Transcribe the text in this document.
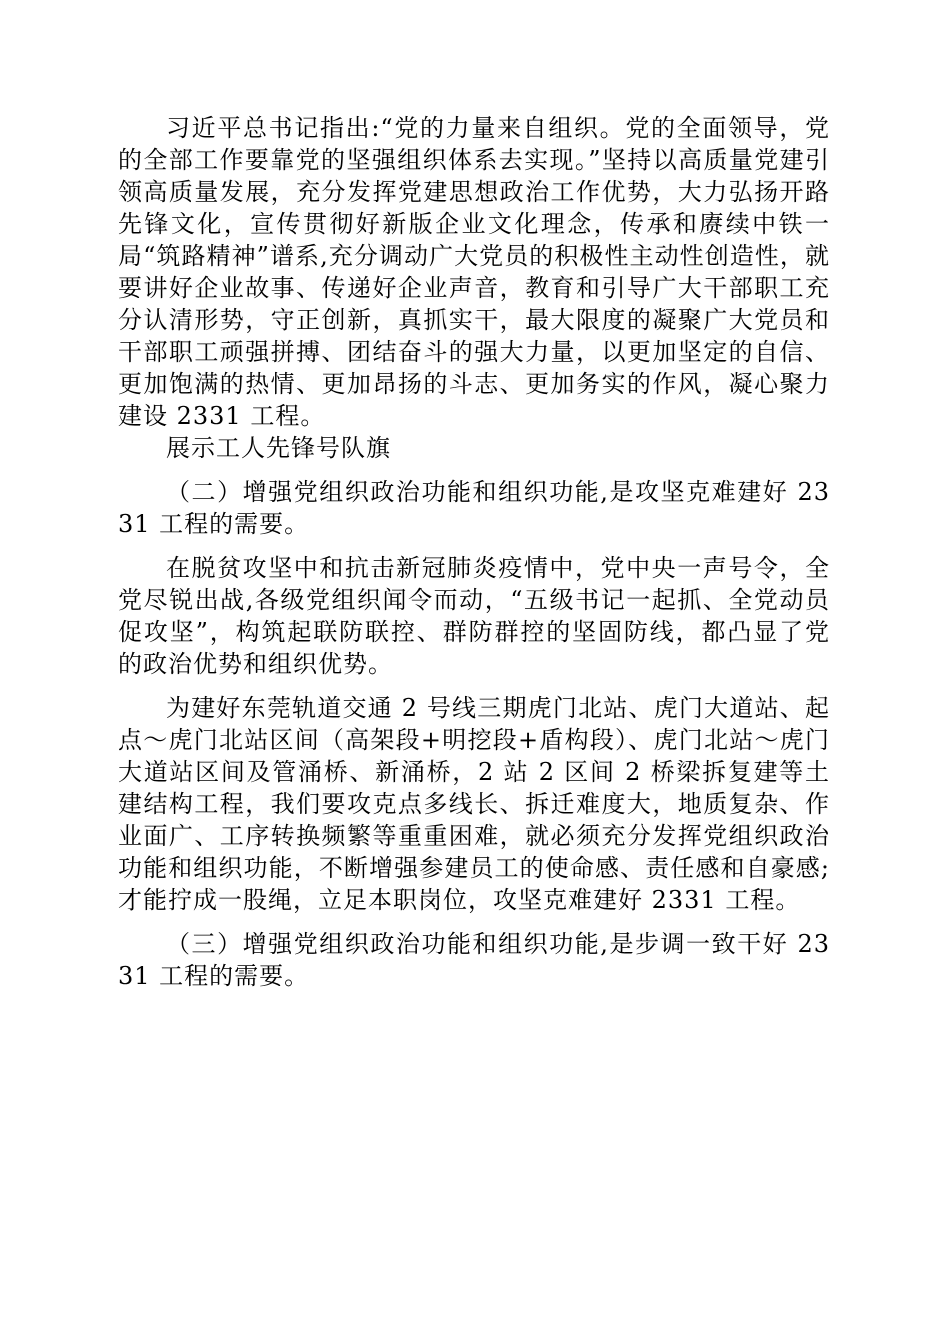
习近平总书记指出:“党的力量来自组织。党的全面领导，党的全部工作要靠党的坚强组织体系去实现。”坚持以高质量党建引领高质量发展，充分发挥党建思想政治工作优势，大力弘扬开路先锋文化，宣传贯彻好新版企业文化理念，传承和赓续中铁一局“筑路精神”谱系,充分调动广大党员的积极性主动性创造性，就要讲好企业故事、传递好企业声音，教育和引导广大干部职工充分认清形势，守正创新，真抓实干，最大限度的凝聚广大党员和干部职工顽强拼搏、团结奋斗的强大力量，以更加坚定的自信、更加饱满的热情、更加昂扬的斗志、更加务实的作风，凝心聚力建设 2331 工程。

展示工人先锋号队旗

（二）增强党组织政治功能和组织功能,是攻坚克难建好 2331 工程的需要。

在脱贫攻坚中和抗击新冠肺炎疫情中，党中央一声号令，全党尽锐出战,各级党组织闻令而动，“五级书记一起抓、全党动员促攻坚”，构筑起联防联控、群防群控的坚固防线，都凸显了党的政治优势和组织优势。

为建好东莞轨道交通 2 号线三期虎门北站、虎门大道站、起点～虎门北站区间（高架段+明挖段+盾构段）、虎门北站～虎门大道站区间及管涌桥、新涌桥，2 站 2 区间 2 桥梁拆复建等土建结构工程，我们要攻克点多线长、拆迁难度大，地质复杂、作业面广、工序转换频繁等重重困难，就必须充分发挥党组织政治功能和组织功能，不断增强参建员工的使命感、责任感和自豪感;才能拧成一股绳，立足本职岗位，攻坚克难建好 2331 工程。

（三）增强党组织政治功能和组织功能,是步调一致干好 2331 工程的需要。
